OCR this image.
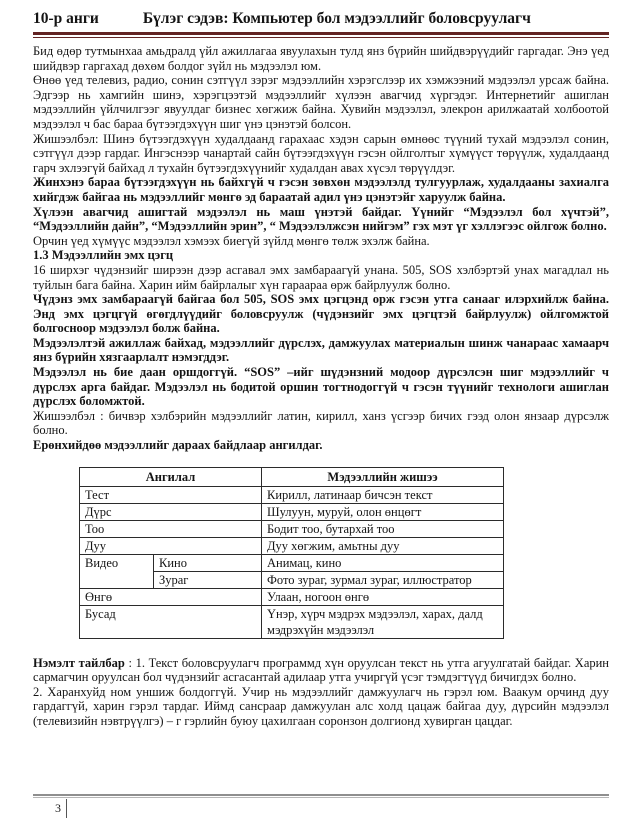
10-р анги	Бүлэг сэдэв: Компьютер бол мэдээллийг боловсруулагч

Бид өдөр тутмынхаа амьдралд үйл ажиллагаа явуулахын тулд янз бүрийн шийдвэрүүдийг гаргадаг. Энэ үед шийдвэр гаргахад дөхөм болдог зүйл нь мэдээлэл юм.

Өнөө үед телевиз, радио, сонин сэтгүүл зэрэг мэдээллийн хэрэгслээр их хэмжээний мэдээлэл урсаж байна. Эдгээр нь хамгийн шинэ, хэрэгцээтэй мэдээллийг хүлээн авагчид хүргэдэг. Интернетийг ашиглан мэдээллийн үйлчилгээг явуулдаг бизнес хөгжиж байна. Хувийн мэдээлэл, элекрон арилжаатай холбоотой мэдээлэл ч бас бараа бүтээгдэхүүн шиг үнэ цэнэтэй болсон.

Жишээлбэл: Шинэ бүтээгдэхүүн худалдаанд гарахаас хэдэн сарын өмнөөс түүний тухай мэдээлэл сонин, сэтгүүл дээр гардаг. Ингэснээр чанартай сайн бүтээгдэхүүн гэсэн ойлголтыг хүмүүст төрүүлж, худалдаанд гарч эхлээгүй байхад л тухайн бүтээгдэхүүнийг худалдан авах хүсэл төрүүлдэг.

Жинхэнэ бараа бүтээгдэхүүн нь байхгүй ч гэсэн зөвхөн мэдээлэлд тулгуурлаж, худалдааны захиалга хийгдэж байгаа нь мэдээллийг мөнгө эд бараатай адил үнэ цэнэтэйг харуулж байна.

Хүлээн авагчид ашигтай мэдээлэл нь маш үнэтэй байдаг. Үүнийг “Мэдээлэл бол хүчтэй”, “Мэдээллийн дайн”, “Мэдээллийн эрин”, “ Мэдээлэлжсэн нийгэм” гэх мэт үг хэллэгээс ойлгож болно.

Орчин үед хүмүүс мэдээлэл хэмээх биегүй зүйлд мөнгө төлж эхэлж байна.

1.3 Мэдээллийн эмх цэгц

16 ширхэг чүдэнзийг ширээн дээр асгавал эмх замбараагүй унана. 505, SOS хэлбэртэй унах магадлал нь туйлын бага байна. Харин ийм байрлалыг хүн гараараа өрж байрлуулж болно.

Чүдэнз эмх замбараагүй байгаа бол 505, SOS эмх цэгцэнд орж гэсэн утга санааг илэрхийлж байна. Энд эмх цэгцгүй өгөгдлүүдийг боловсруулж (чүдэнзийг эмх цэгцтэй байрлуулж) ойлгомжтой болгосноор мэдээлэл болж байна.

Мэдээлэлтэй ажиллаж байхад, мэдээллийг дүрслэх, дамжуулах материалын шинж чанараас хамаарч янз бүрийн хязгаарлалт нэмэгддэг.

Мэдээлэл нь бие даан оршдоггүй. “SOS” –ийг шүдэнзний модоор дүрсэлсэн шиг мэдээллийг ч дүрслэх арга байдаг. Мэдээлэл нь бодитой оршин тогтнодоггүй ч гэсэн түүнийг технологи ашиглан дүрслэх боломжтой.

Жишээлбэл : бичвэр хэлбэрийн мэдээллийг латин, кирилл, ханз үсгээр бичих гээд олон янзаар дүрсэлж болно.

Ерөнхийдөө мэдээллийг дараах байдлаар ангилдаг.

Ангилал		Мэдээллийн жишээ
Тест		Кирилл, латинаар бичсэн текст
Дүрс		Шулуун, муруй, олон өнцөгт
Тоо		Бодит тоо, бутархай тоо
Дуу		Дуу хөгжим, амьтны дуу
Видео	Кино	Анимац, кино
	Зураг	Фото зураг, зурмал зураг, иллюстратор
Өнгө		Улаан, ногоон өнгө
Бусад		Үнэр, хүрч мэдрэх мэдээлэл, харах, далд мэдрэхүйн мэдээлэл

Нэмэлт тайлбар : 1. Текст боловсруулагч программд хүн оруулсан текст нь утга агуулгатай байдаг. Харин сармагчин оруулсан бол чүдэнзийг асгасантай адилаар утга учиргүй үсэг тэмдэгтүүд бичигдэх болно.

2. Харанхуйд ном уншиж болдоггүй. Учир нь мэдээллийг дамжуулагч нь гэрэл юм. Ваакум орчинд дуу гардаггүй, харин гэрэл тардаг. Иймд сансраар дамжуулан алс холд цацаж байгаа дуу, дүрсийн мэдээлэл (телевизийн нэвтрүүлгэ) – г гэрлийн буюу цахилгаан соронзон долгионд хувирган цацдаг.

3
